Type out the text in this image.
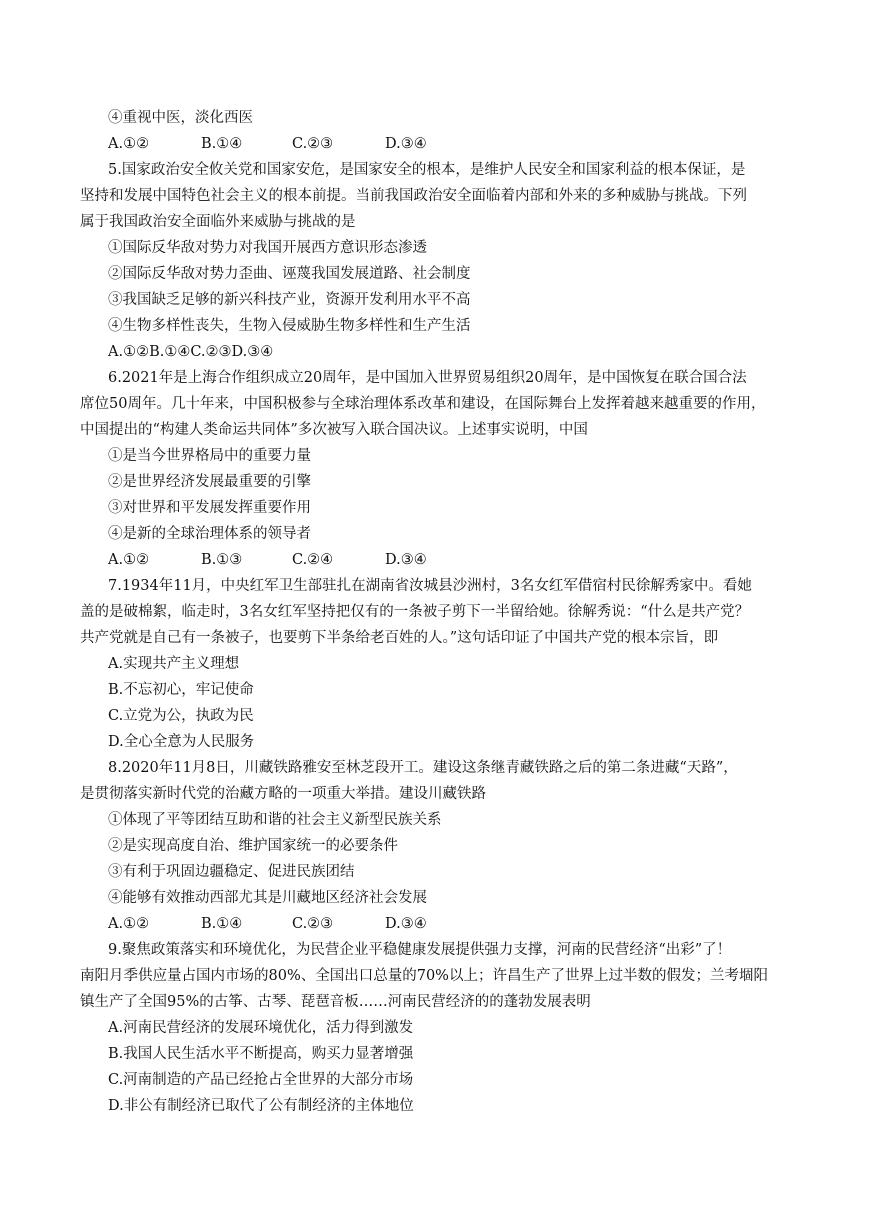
④重视中医，淡化西医
A.①②	B.①④	C.②③	D.③④
5.国家政治安全攸关党和国家安危，是国家安全的根本，是维护人民安全和国家利益的根本保证，是
坚持和发展中国特色社会主义的根本前提。当前我国政治安全面临着内部和外来的多种威胁与挑战。下列
属于我国政治安全面临外来威胁与挑战的是
①国际反华敌对势力对我国开展西方意识形态渗透
②国际反华敌对势力歪曲、诬蔑我国发展道路、社会制度
③我国缺乏足够的新兴科技产业，资源开发利用水平不高
④生物多样性丧失，生物入侵威胁生物多样性和生产生活
A.①②B.①④C.②③D.③④
6.2021年是上海合作组织成立20周年，是中国加入世界贸易组织20周年，是中国恢复在联合国合法
席位50周年。几十年来，中国积极参与全球治理体系改革和建设，在国际舞台上发挥着越来越重要的作用，
中国提出的“构建人类命运共同体”多次被写入联合国决议。上述事实说明，中国
①是当今世界格局中的重要力量
②是世界经济发展最重要的引擎
③对世界和平发展发挥重要作用
④是新的全球治理体系的领导者
A.①②	B.①③	C.②④	D.③④
7.1934年11月，中央红军卫生部驻扎在湖南省汝城县沙洲村，3名女红军借宿村民徐解秀家中。看她
盖的是破棉絮，临走时，3名女红军坚持把仅有的一条被子剪下一半留给她。徐解秀说：“什么是共产党？
共产党就是自己有一条被子，也要剪下半条给老百姓的人。”这句话印证了中国共产党的根本宗旨，即
A.实现共产主义理想
B.不忘初心，牢记使命
C.立党为公，执政为民
D.全心全意为人民服务
8.2020年11月8日，川藏铁路雅安至林芝段开工。建设这条继青藏铁路之后的第二条进藏“天路”，
是贯彻落实新时代党的治藏方略的一项重大举措。建设川藏铁路
①体现了平等团结互助和谐的社会主义新型民族关系
②是实现高度自治、维护国家统一的必要条件
③有利于巩固边疆稳定、促进民族团结
④能够有效推动西部尤其是川藏地区经济社会发展
A.①②	B.①④	C.②③	D.③④
9.聚焦政策落实和环境优化，为民营企业平稳健康发展提供强力支撑，河南的民营经济“出彩”了！
南阳月季供应量占国内市场的80%、全国出口总量的70%以上；许昌生产了世界上过半数的假发；兰考堌阳
镇生产了全国95%的古筝、古琴、琵琶音板……河南民营经济的的蓬勃发展表明
A.河南民营经济的发展环境优化，活力得到激发
B.我国人民生活水平不断提高，购买力显著增强
C.河南制造的产品已经抢占全世界的大部分市场
D.非公有制经济已取代了公有制经济的主体地位
